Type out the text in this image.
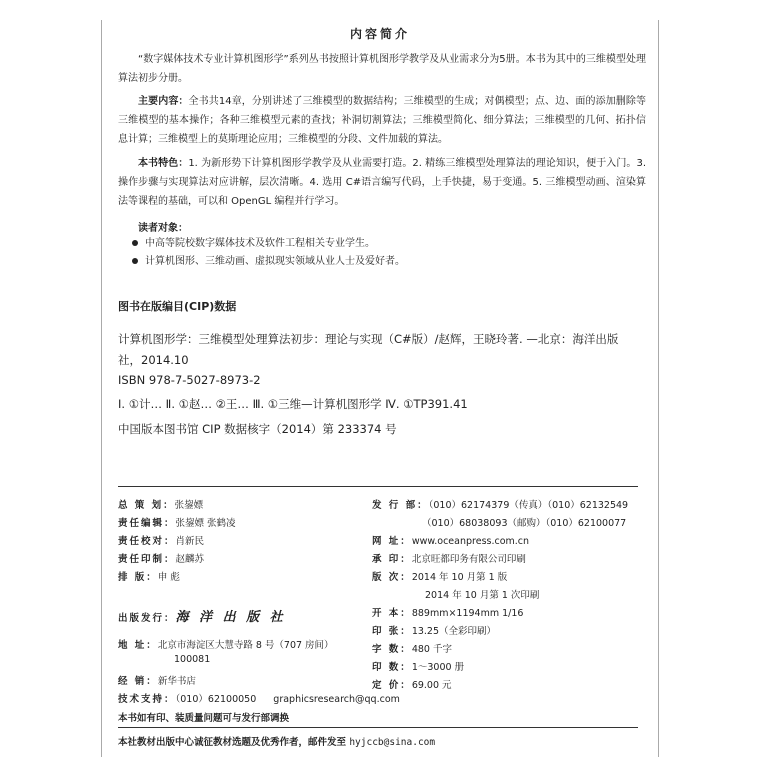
内容简介
“数字媒体技术专业计算机图形学”系列丛书按照计算机图形学教学及从业需求分为5册。本书为其中的三维模型处理算法初步分册。
主要内容：全书共14章，分别讲述了三维模型的数据结构；三维模型的生成；对偶模型；点、边、面的添加删除等三维模型的基本操作；各种三维模型元素的查找；补洞切割算法；三维模型简化、细分算法；三维模型的几何、拓扑信息计算；三维模型上的莫斯理论应用；三维模型的分段、文件加载的算法。
本书特色：1. 为新形势下计算机图形学教学及从业需要打造。2. 精练三维模型处理算法的理论知识，便于入门。3. 操作步骤与实现算法对应讲解，层次清晰。4. 选用 C#语言编写代码，上手快捷，易于变通。5. 三维模型动画、渲染算法等课程的基础，可以和 OpenGL 编程并行学习。
读者对象：
中高等院校数字媒体技术及软件工程相关专业学生。
计算机图形、三维动画、虚拟现实领域从业人士及爱好者。
图书在版编目(CIP)数据
计算机图形学：三维模型处理算法初步：理论与实现（C#版）/赵辉，王晓玲著. —北京：海洋出版
社，2014.10
ISBN 978-7-5027-8973-2
Ⅰ. ①计… Ⅱ. ①赵… ②王… Ⅲ. ①三维—计算机图形学 Ⅳ. ①TP391.41
中国版本图书馆 CIP 数据核字（2014）第 233374 号
总 策 划：张鋆嫖
责任编辑：张鋆嫖 张鹤凌
责任校对：肖新民
责任印制：赵麟苏
排 版：申 彪
出版发行：海 洋 出 版 社
地 址：北京市海淀区大慧寺路 8 号（707 房间）
100081
经 销：新华书店
技术支持：（010）62100050 graphicsresearch@qq.com
发 行 部：（010）62174379（传真）（010）62132549
（010）68038093（邮购）（010）62100077
网 址：www.oceanpress.com.cn
承 印：北京旺都印务有限公司印刷
版 次：2014 年 10 月第 1 版
2014 年 10 月第 1 次印刷
开 本：889mm×1194mm 1/16
印 张：13.25（全彩印刷）
字 数：480 千字
印 数：1～3000 册
定 价：69.00 元
本书如有印、装质量问题可与发行部调换
本社教材出版中心诚征教材选题及优秀作者，邮件发至 hyjccb@sina.com
